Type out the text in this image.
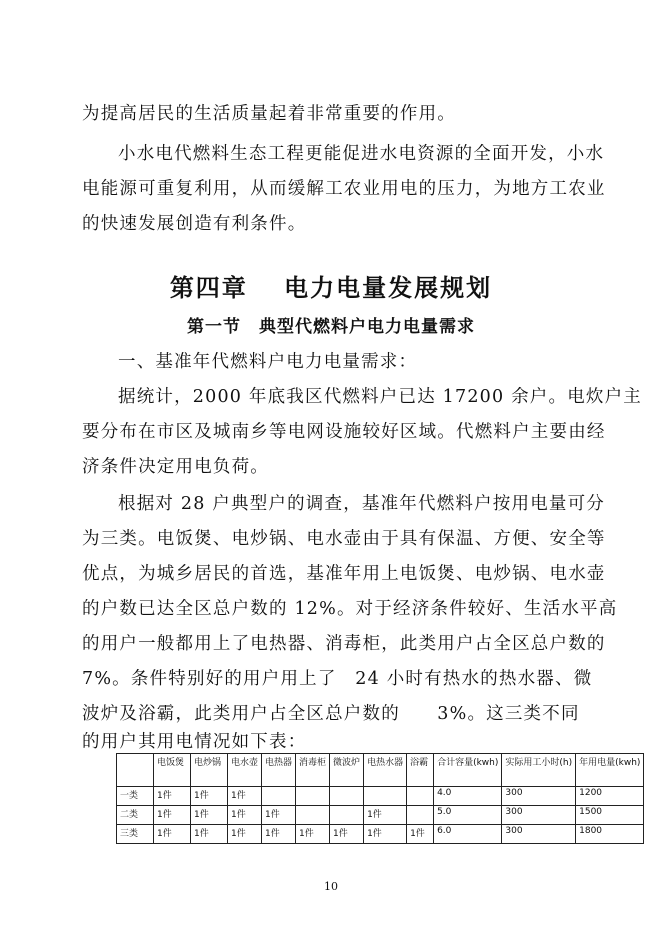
为提高居民的生活质量起着非常重要的作用。
小水电代燃料生态工程更能促进水电资源的全面开发，小水
电能源可重复利用，从而缓解工农业用电的压力，为地方工农业
的快速发展创造有利条件。
第四章　 电力电量发展规划
第一节　典型代燃料户电力电量需求
一、基准年代燃料户电力电量需求：
据统计，2000 年底我区代燃料户已达 17200 余户。电炊户主
要分布在市区及城南乡等电网设施较好区域。代燃料户主要由经
济条件决定用电负荷。
根据对 28 户典型户的调查，基准年代燃料户按用电量可分
为三类。电饭煲、电炒锅、电水壶由于具有保温、方便、安全等
优点，为城乡居民的首选，基准年用上电饭煲、电炒锅、电水壶
的户数已达全区总户数的 12%。对于经济条件较好、生活水平高
的用户一般都用上了电热器、消毒柜，此类用户占全区总户数的
7%。条件特别好的用户用上了　24 小时有热水的热水器、微
波炉及浴霸，此类用户占全区总户数的　　3%。这三类不同
的用户其用电情况如下表：
	电饭煲	电炒锅	电水壶	电热器	消毒柜	微波炉	电热水器	浴霸	合计容量(kwh)	实际用工小时(h)	年用电量(kwh)
一类	1件	1件	1件						4.0	300	1200
二类	1件	1件	1件	1件			1件		5.0	300	1500
三类	1件	1件	1件	1件	1件	1件	1件	1件	6.0	300	1800
10
